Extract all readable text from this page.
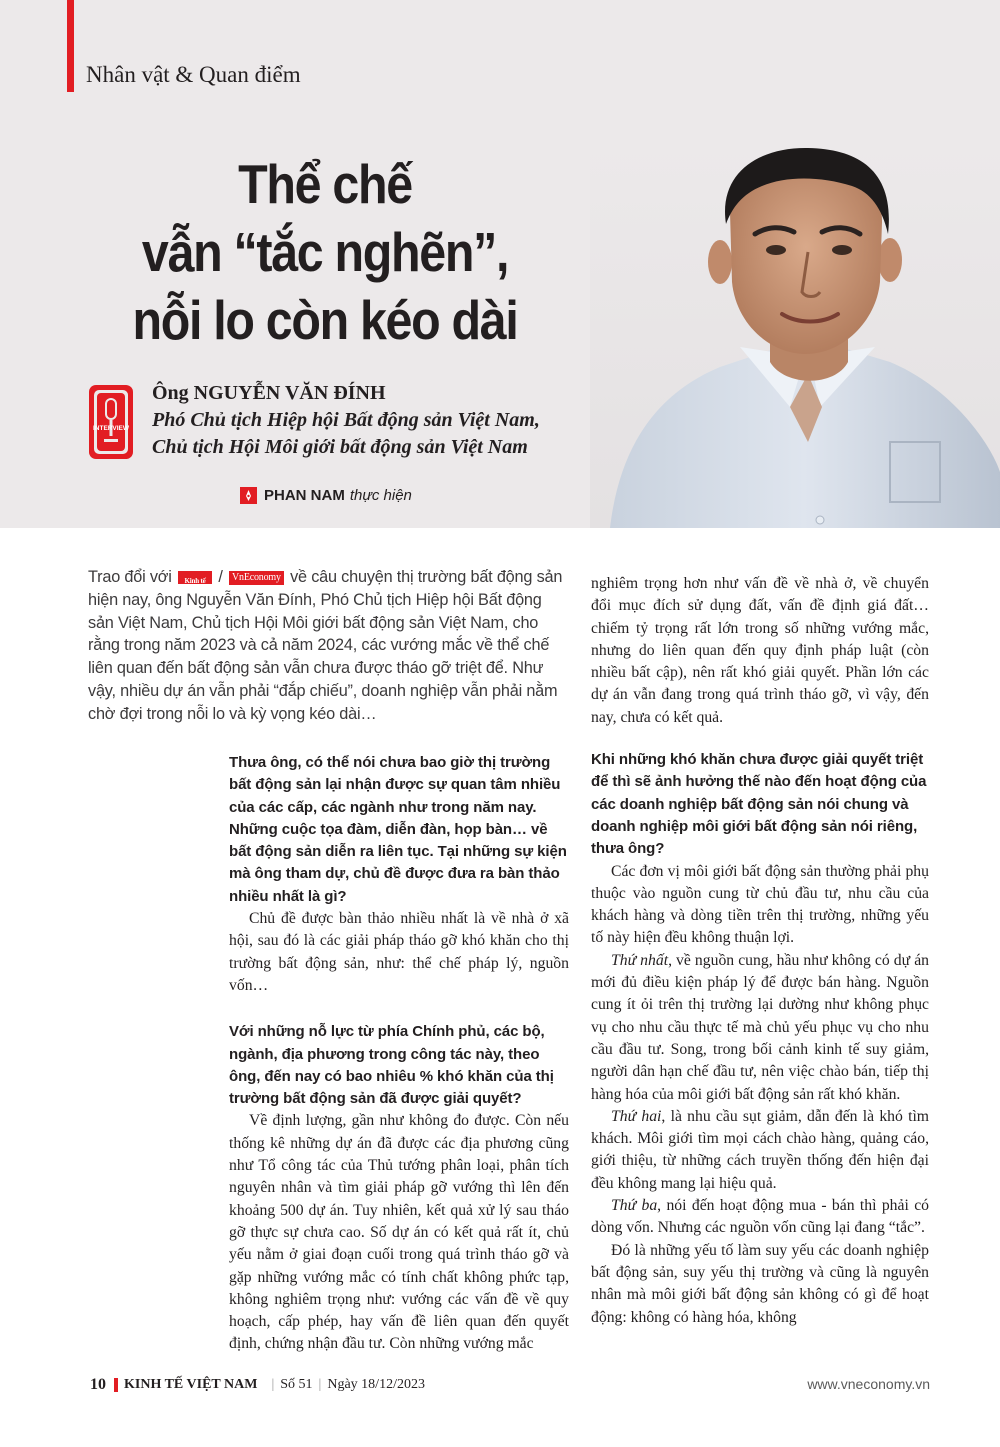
Nhân vật & Quan điểm
Thể chế
vẫn “tắc nghẽn”,
nỗi lo còn kéo dài
INTERVIEW
Ông NGUYỄN VĂN ĐÍNH
Phó Chủ tịch Hiệp hội Bất động sản Việt Nam,
Chủ tịch Hội Môi giới bất động sản Việt Nam
PHAN NAM thực hiện
Trao đổi với Kinh tế / VnEconomy về câu chuyện thị trường bất động sản hiện nay, ông Nguyễn Văn Đính, Phó Chủ tịch Hiệp hội Bất động sản Việt Nam, Chủ tịch Hội Môi giới bất động sản Việt Nam, cho rằng trong năm 2023 và cả năm 2024, các vướng mắc về thể chế liên quan đến bất động sản vẫn chưa được tháo gỡ triệt để. Như vậy, nhiều dự án vẫn phải “đắp chiếu”, doanh nghiệp vẫn phải nằm chờ đợi trong nỗi lo và kỳ vọng kéo dài…

Thưa ông, có thể nói chưa bao giờ thị trường bất động sản lại nhận được sự quan tâm nhiều của các cấp, các ngành như trong năm nay. Những cuộc tọa đàm, diễn đàn, họp bàn… về bất động sản diễn ra liên tục. Tại những sự kiện mà ông tham dự, chủ đề được đưa ra bàn thảo nhiều nhất là gì?

Chủ đề được bàn thảo nhiều nhất là về nhà ở xã hội, sau đó là các giải pháp tháo gỡ khó khăn cho thị trường bất động sản, như: thể chế pháp lý, nguồn vốn…

Với những nỗ lực từ phía Chính phủ, các bộ, ngành, địa phương trong công tác này, theo ông, đến nay có bao nhiêu % khó khăn của thị trường bất động sản đã được giải quyết?

Về định lượng, gần như không đo được. Còn nếu thống kê những dự án đã được các địa phương cũng như Tổ công tác của Thủ tướng phân loại, phân tích nguyên nhân và tìm giải pháp gỡ vướng thì lên đến khoảng 500 dự án. Tuy nhiên, kết quả xử lý sau tháo gỡ thực sự chưa cao. Số dự án có kết quả rất ít, chủ yếu nằm ở giai đoạn cuối trong quá trình tháo gỡ và gặp những vướng mắc có tính chất không phức tạp, không nghiêm trọng như: vướng các vấn đề về quy hoạch, cấp phép, hay vấn đề liên quan đến quyết định, chứng nhận đầu tư. Còn những vướng mắc

nghiêm trọng hơn như vấn đề về nhà ở, về chuyển đổi mục đích sử dụng đất, vấn đề định giá đất… chiếm tỷ trọng rất lớn trong số những vướng mắc, nhưng do liên quan đến quy định pháp luật (còn nhiều bất cập), nên rất khó giải quyết. Phần lớn các dự án vẫn đang trong quá trình tháo gỡ, vì vậy, đến nay, chưa có kết quả.

Khi những khó khăn chưa được giải quyết triệt để thì sẽ ảnh hưởng thế nào đến hoạt động của các doanh nghiệp bất động sản nói chung và doanh nghiệp môi giới bất động sản nói riêng, thưa ông?

Các đơn vị môi giới bất động sản thường phải phụ thuộc vào nguồn cung từ chủ đầu tư, nhu cầu của khách hàng và dòng tiền trên thị trường, những yếu tố này hiện đều không thuận lợi.

Thứ nhất, về nguồn cung, hầu như không có dự án mới đủ điều kiện pháp lý để được bán hàng. Nguồn cung ít ỏi trên thị trường lại dường như không phục vụ cho nhu cầu thực tế mà chủ yếu phục vụ cho nhu cầu đầu tư. Song, trong bối cảnh kinh tế suy giảm, người dân hạn chế đầu tư, nên việc chào bán, tiếp thị hàng hóa của môi giới bất động sản rất khó khăn.

Thứ hai, là nhu cầu sụt giảm, dẫn đến là khó tìm khách. Môi giới tìm mọi cách chào hàng, quảng cáo, giới thiệu, từ những cách truyền thống đến hiện đại đều không mang lại hiệu quả.

Thứ ba, nói đến hoạt động mua - bán thì phải có dòng vốn. Nhưng các nguồn vốn cũng lại đang “tắc”.

Đó là những yếu tố làm suy yếu các doanh nghiệp bất động sản, suy yếu thị trường và cũng là nguyên nhân mà môi giới bất động sản không có gì để hoạt động: không có hàng hóa, không

10 KINH TẾ VIỆT NAM | Số 51 | Ngày 18/12/2023	www.vneconomy.vn
